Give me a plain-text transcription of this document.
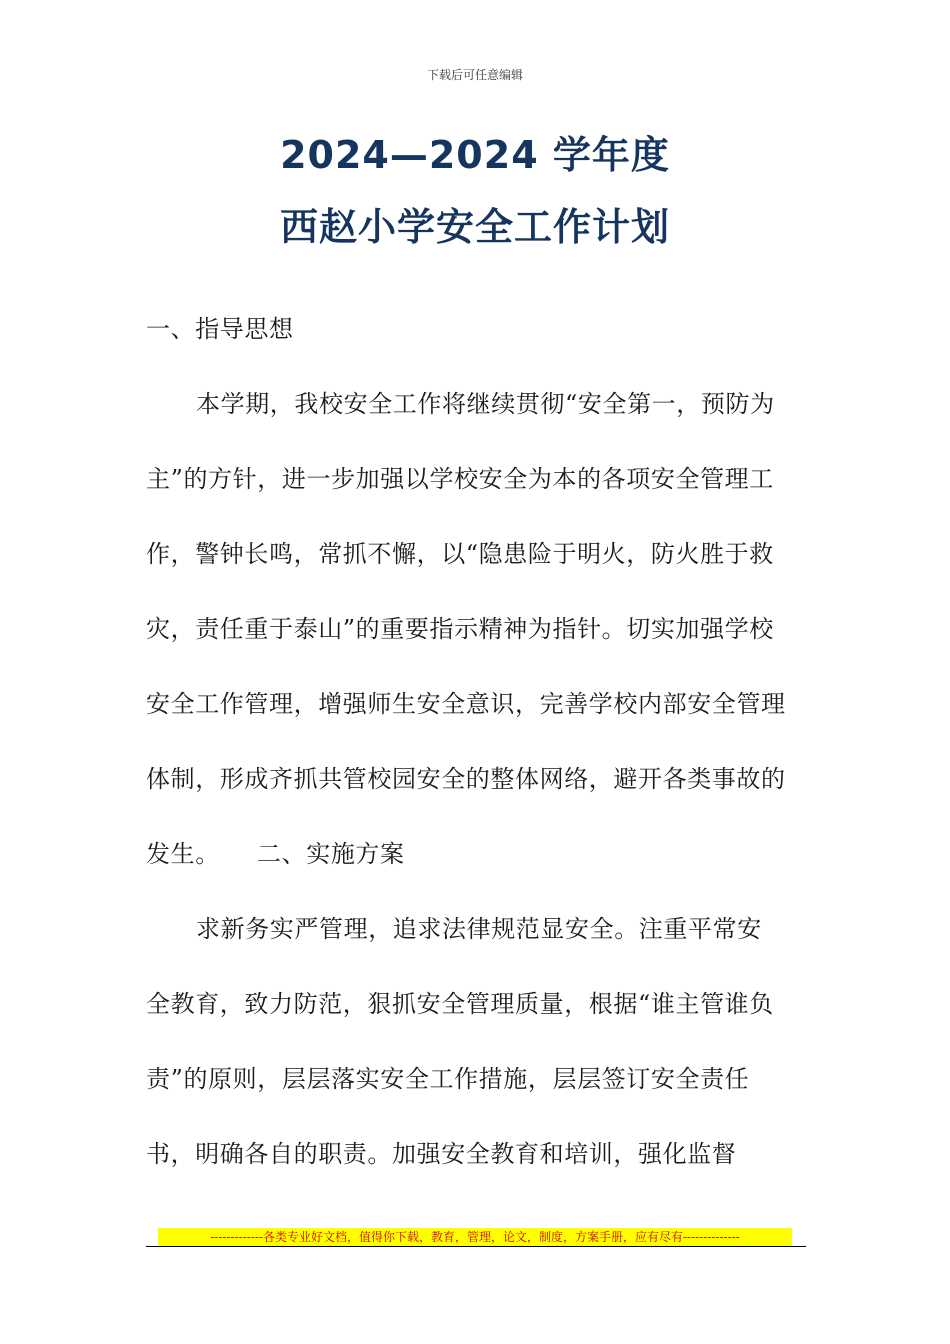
下载后可任意编辑
2024—2024 学年度
西赵小学安全工作计划

一、指导思想

本学期，我校安全工作将继续贯彻“安全第一，预防为主”的方针，进一步加强以学校安全为本的各项安全管理工作，警钟长鸣，常抓不懈，以“隐患险于明火，防火胜于救灾，责任重于泰山”的重要指示精神为指针。切实加强学校安全工作管理，增强师生安全意识，完善学校内部安全管理体制，形成齐抓共管校园安全的整体网络，避开各类事故的发生。　　 二、实施方案

求新务实严管理，追求法律规范显安全。注重平常安全教育，致力防范，狠抓安全管理质量，根据“谁主管谁负责”的原则，层层落实安全工作措施，层层签订安全责任书，明确各自的职责。加强安全教育和培训，强化监督

-------------各类专业好文档，值得你下载，教育，管理，论文，制度，方案手册，应有尽有--------------
